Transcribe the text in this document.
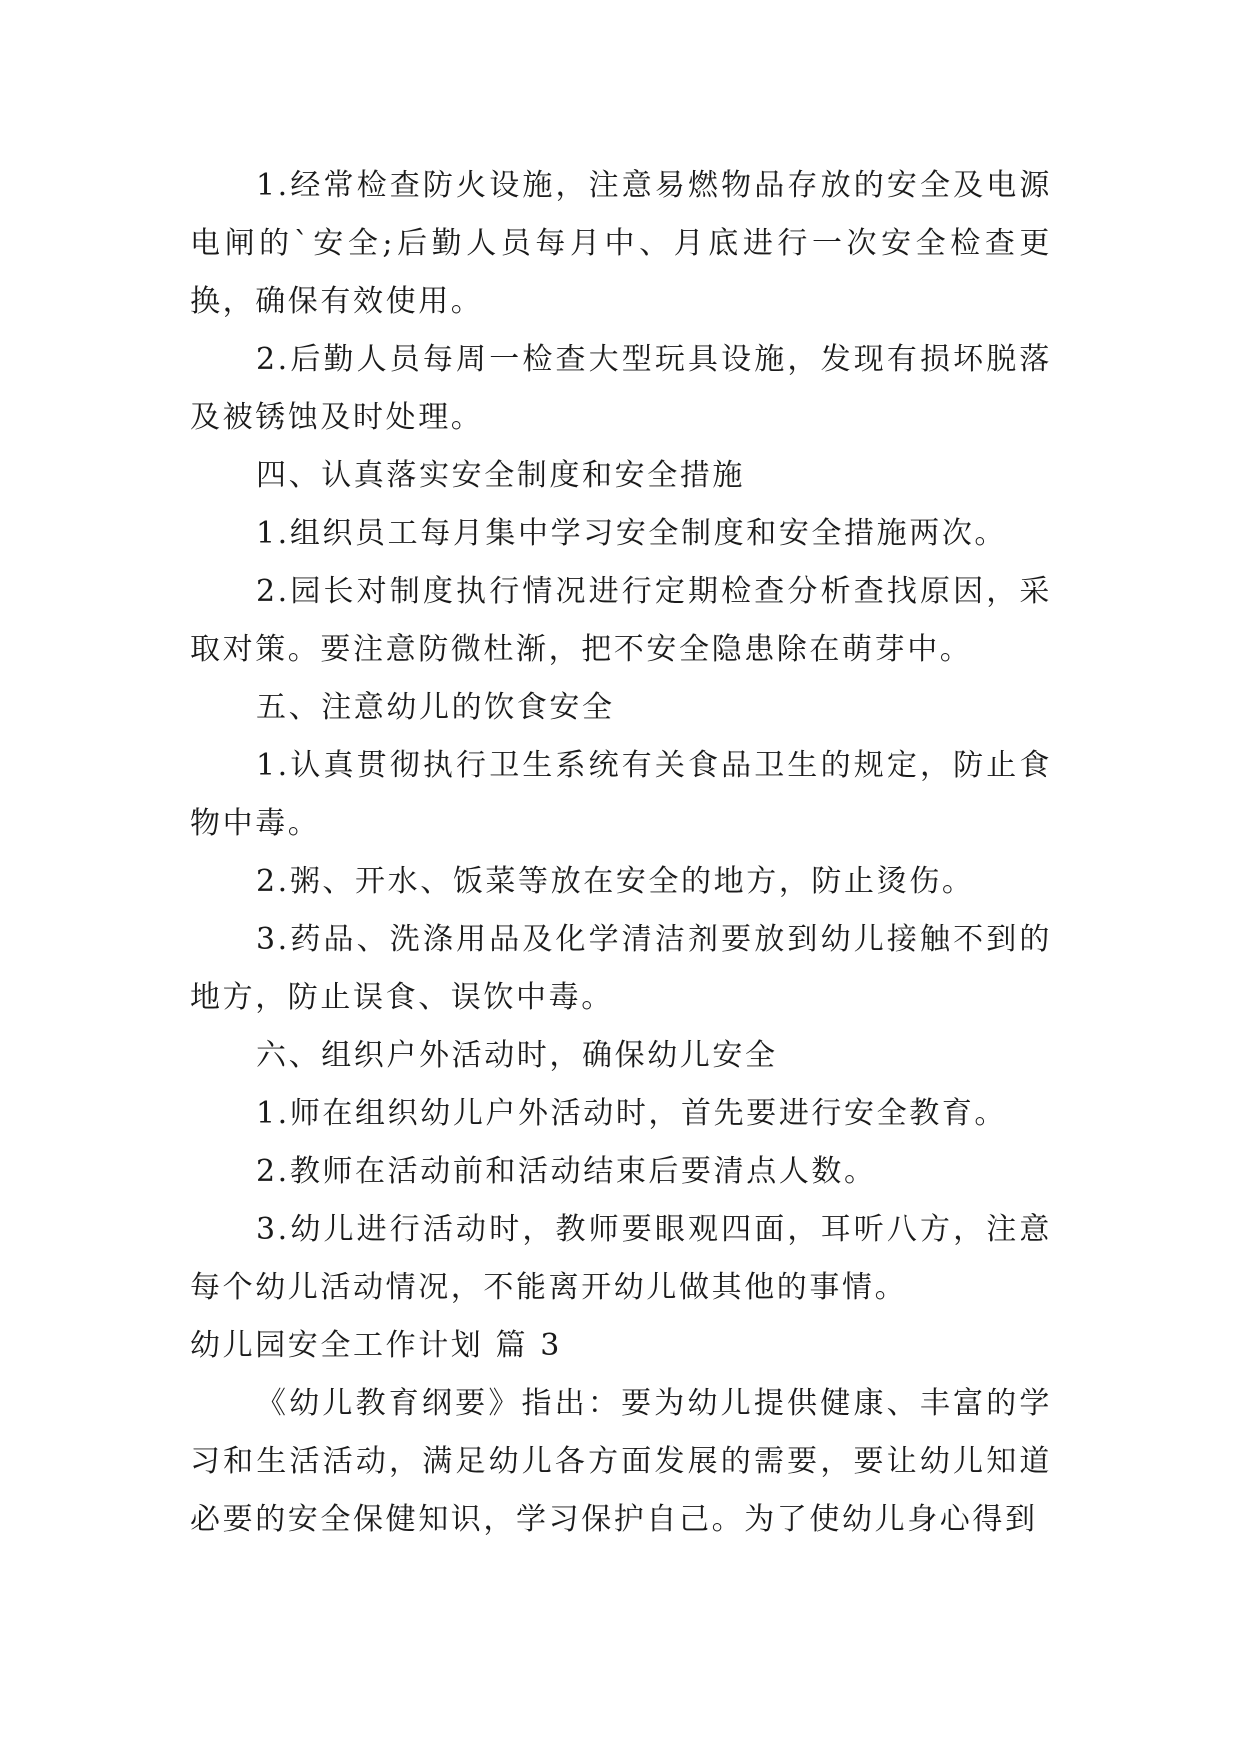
1.经常检查防火设施，注意易燃物品存放的安全及电源电闸的`安全;后勤人员每月中、月底进行一次安全检查更换，确保有效使用。

2.后勤人员每周一检查大型玩具设施，发现有损坏脱落及被锈蚀及时处理。

四、认真落实安全制度和安全措施

1.组织员工每月集中学习安全制度和安全措施两次。

2.园长对制度执行情况进行定期检查分析查找原因，采取对策。要注意防微杜渐，把不安全隐患除在萌芽中。

五、注意幼儿的饮食安全

1.认真贯彻执行卫生系统有关食品卫生的规定，防止食物中毒。

2.粥、开水、饭菜等放在安全的地方，防止烫伤。

3.药品、洗涤用品及化学清洁剂要放到幼儿接触不到的地方，防止误食、误饮中毒。

六、组织户外活动时，确保幼儿安全

1.师在组织幼儿户外活动时，首先要进行安全教育。

2.教师在活动前和活动结束后要清点人数。

3.幼儿进行活动时，教师要眼观四面，耳听八方，注意每个幼儿活动情况，不能离开幼儿做其他的事情。

幼儿园安全工作计划 篇 3

《幼儿教育纲要》指出：要为幼儿提供健康、丰富的学习和生活活动，满足幼儿各方面发展的需要，要让幼儿知道必要的安全保健知识，学习保护自己。为了使幼儿身心得到
